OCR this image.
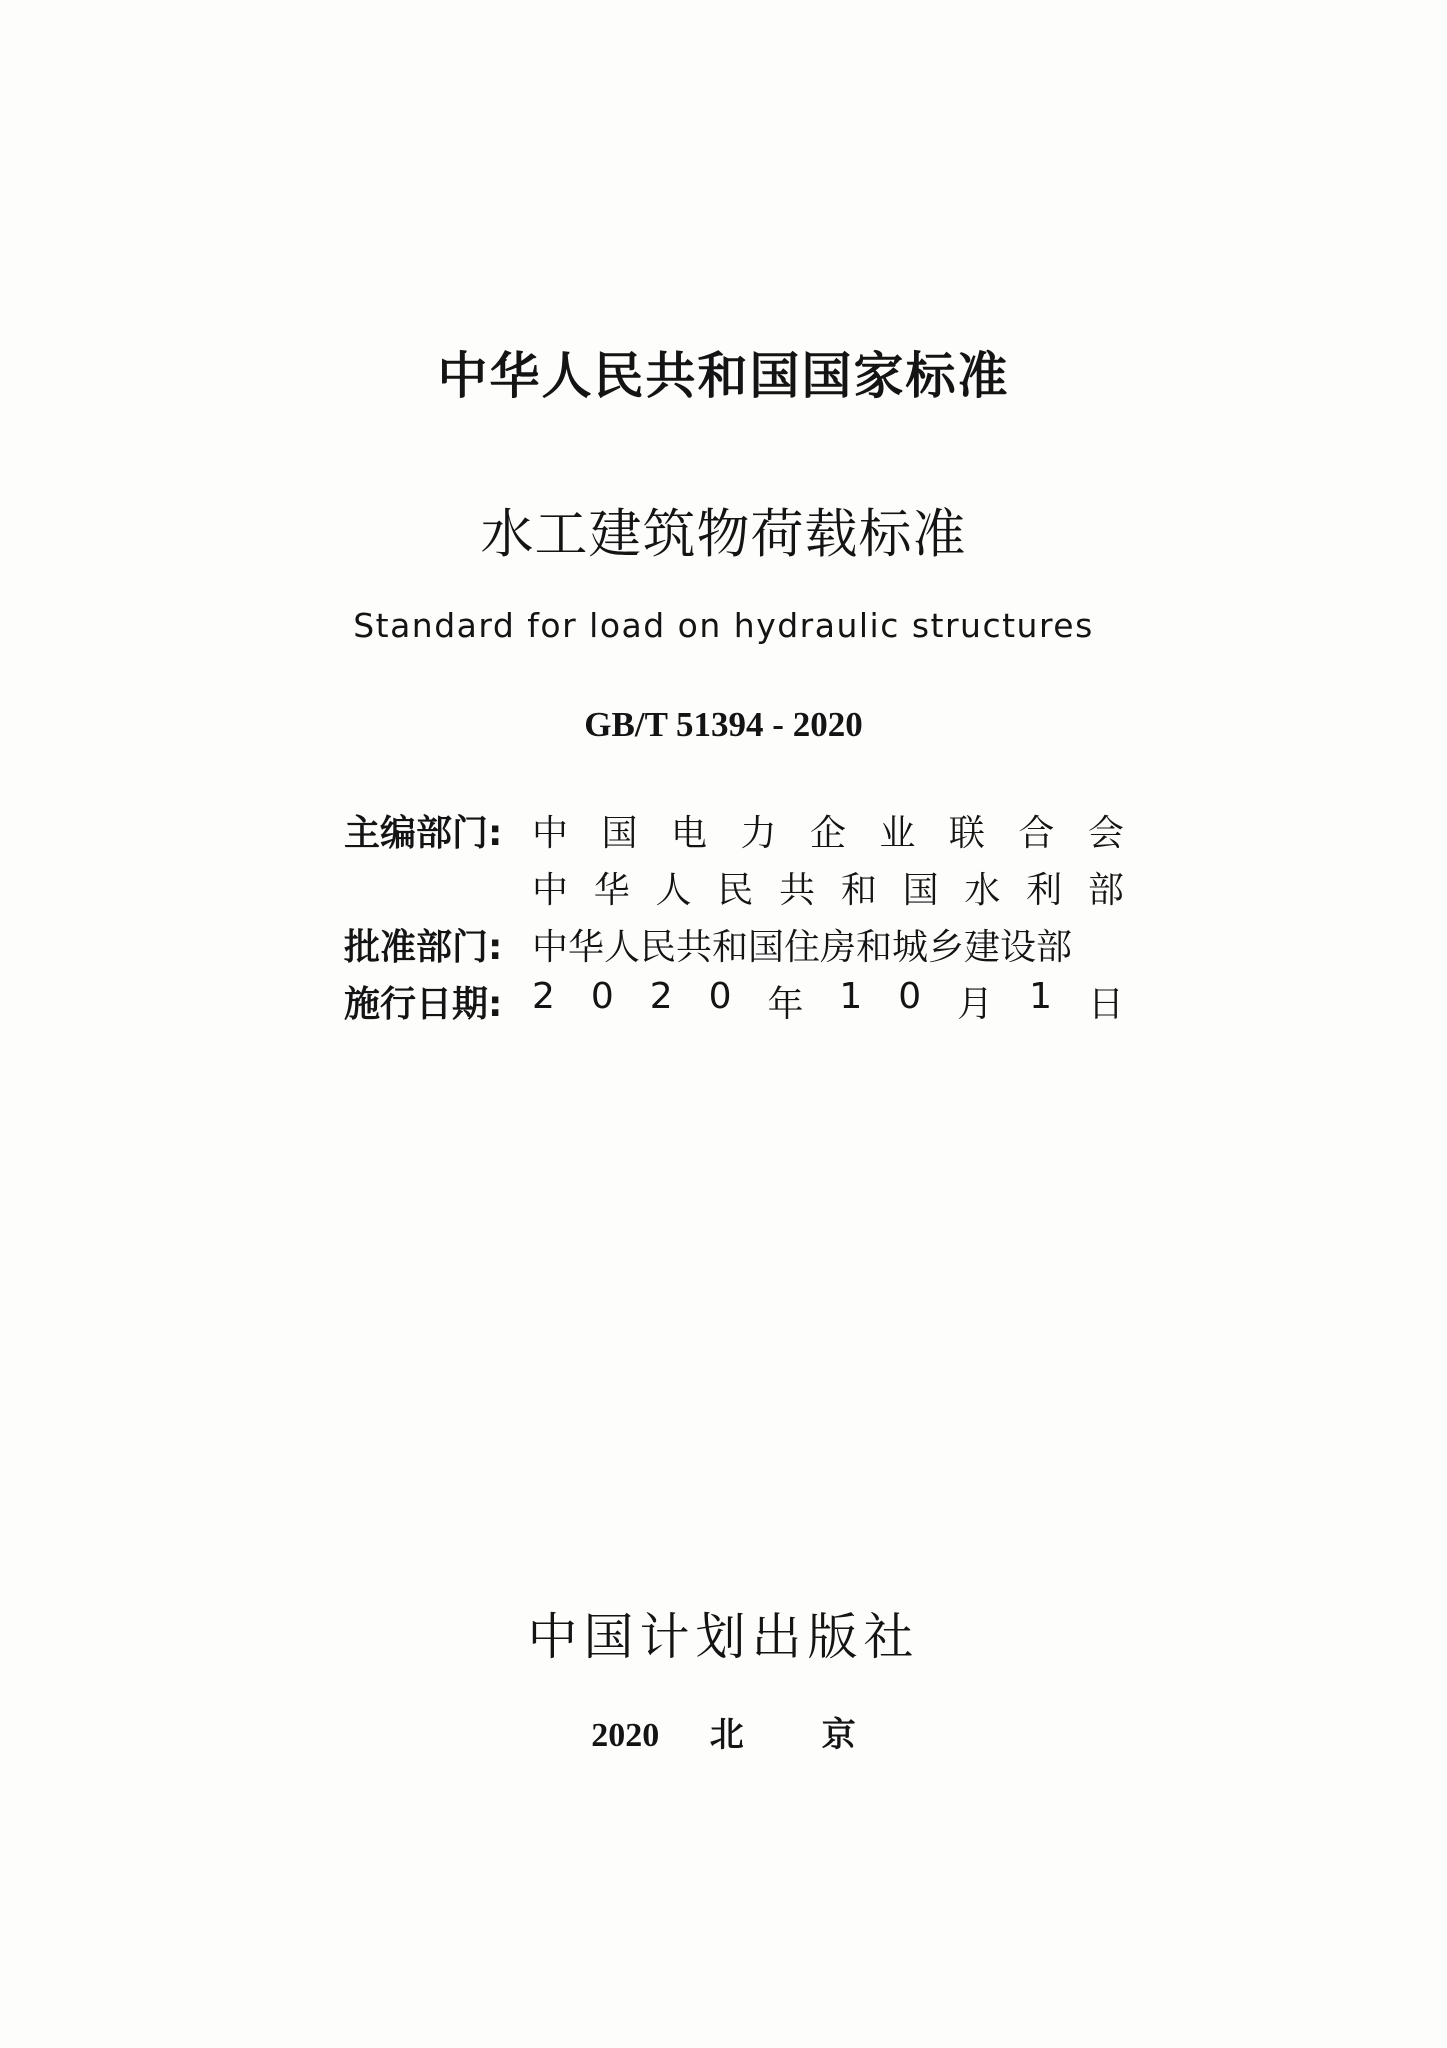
中华人民共和国国家标准
水工建筑物荷载标准
Standard for load on hydraulic structures
GB/T 51394 - 2020
主编部门: 中 国 电 力 企 业 联 合 会
中 华 人 民 共 和 国 水 利 部
批准部门: 中华人民共和国住房和城乡建设部
施行日期: 2 0 2 0 年 1 0 月 1 日
中国计划出版社
2020 北 京
